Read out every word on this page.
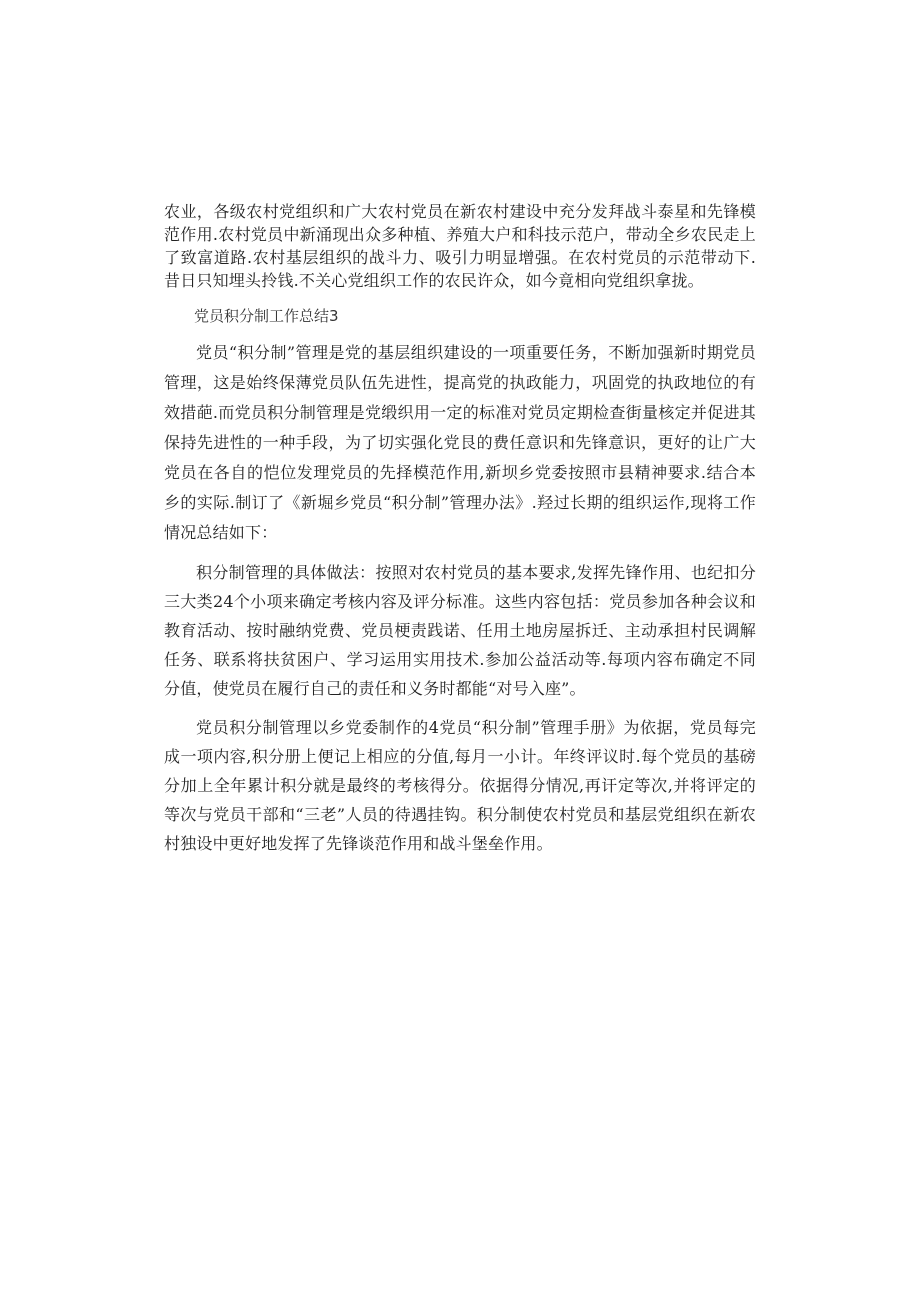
农业，各级农村党组织和广大农村党员在新农村建设中充分发拜战斗泰星和先锋模范作用.农村党员中新涌现出众多种植、养殖大户和科技示范户，带动全乡农民走上了致富道路.农村基层组织的战斗力、吸引力明显增强。在农村党员的示范带动下.昔日只知埋头拎钱.不关心党组织工作的农民许众，如今竟相向党组织拿拢。

党员积分制工作总结3

党员“积分制”管理是党的基层组织建设的一项重要任务，不断加强新时期党员管理，这是始终保薄党员队伍先进性，提高党的执政能力，巩固党的执政地位的有效措葩.而党员积分制管理是党缎织用一定的标准对党员定期检查街量核定并促进其保持先进性的一种手段，为了切实强化党艮的费任意识和先锋意识，更好的让广大党员在各自的恺位发理党员的先择模范作用,新坝乡党委按照市县精神要求.结合本乡的实际.制订了《新堀乡党员“积分制”管理办法》.羟过长期的组织运作,现将工作情况总结如下：

积分制管理的具体做法：按照对农村党员的基本要求,发挥先锋作用、也纪扣分三大类24个小项来确定考核内容及评分标准。这些内容包括：党员参加各种会议和教育活动、按时融纳党费、党员梗责践诺、任用土地房屋拆迁、主动承担村民调解任务、联系将扶贫困户、学习运用实用技术.参加公益活动等.每项内容布确定不同分值，使党员在履行自己的责任和义务时都能“对号入座”。

党员积分制管理以乡党委制作的4党员“积分制”管理手册》为依据，党员每完成一项内容,积分册上便记上相应的分值,每月一小计。年终评议时.每个党员的基磅分加上全年累计积分就是最终的考核得分。依据得分情况,再讦定等次,并将评定的等次与党员干部和“三老”人员的待遇挂钩。积分制使农村党员和基层党组织在新农村独设中更好地发挥了先锋谈范作用和战斗堡垒作用。
